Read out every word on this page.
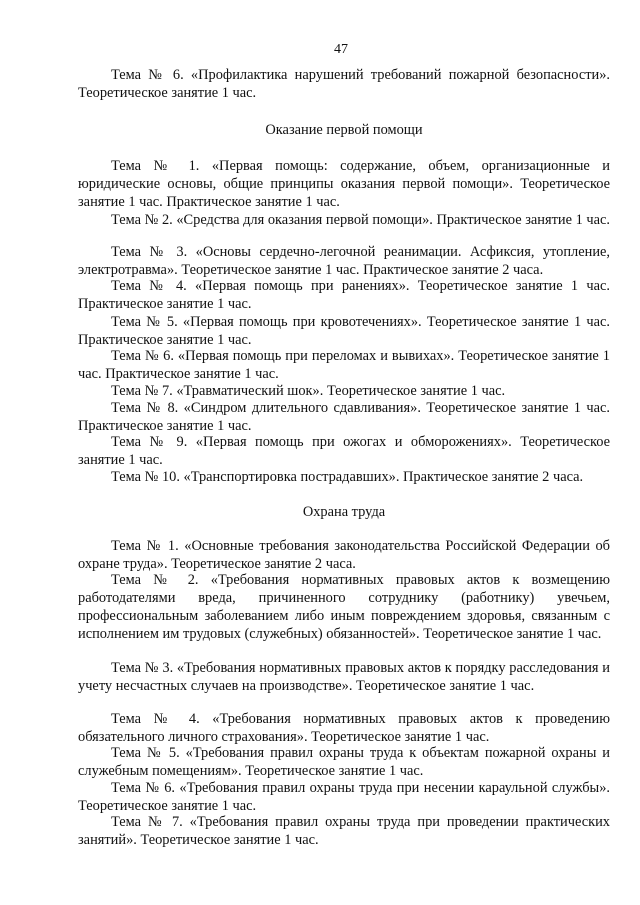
47

Тема № 6. «Профилактика нарушений требований пожарной безопасности». Теоретическое занятие 1 час.

Оказание первой помощи

Тема № 1. «Первая помощь: содержание, объем, организационные и юридические основы, общие принципы оказания первой помощи». Теоретическое занятие 1 час. Практическое занятие 1 час.

Тема № 2. «Средства для оказания первой помощи». Практическое занятие 1 час.

Тема № 3. «Основы сердечно-легочной реанимации. Асфиксия, утопление, электротравма». Теоретическое занятие 1 час. Практическое занятие 2 часа.

Тема № 4. «Первая помощь при ранениях». Теоретическое занятие 1 час. Практическое занятие 1 час.

Тема № 5. «Первая помощь при кровотечениях». Теоретическое занятие 1 час. Практическое занятие 1 час.

Тема № 6. «Первая помощь при переломах и вывихах». Теоретическое занятие 1 час. Практическое занятие 1 час.

Тема № 7. «Травматический шок». Теоретическое занятие 1 час.

Тема № 8. «Синдром длительного сдавливания». Теоретическое занятие 1 час. Практическое занятие 1 час.

Тема № 9. «Первая помощь при ожогах и обморожениях». Теоретическое занятие 1 час.

Тема № 10. «Транспортировка пострадавших». Практическое занятие 2 часа.

Охрана труда

Тема № 1. «Основные требования законодательства Российской Федерации об охране труда». Теоретическое занятие 2 часа.

Тема № 2. «Требования нормативных правовых актов к возмещению работодателями вреда, причиненного сотруднику (работнику) увечьем, профессиональным заболеванием либо иным повреждением здоровья, связанным с исполнением им трудовых (служебных) обязанностей». Теоретическое занятие 1 час.

Тема № 3. «Требования нормативных правовых актов к порядку расследования и учету несчастных случаев на производстве». Теоретическое занятие 1 час.

Тема № 4. «Требования нормативных правовых актов к проведению обязательного личного страхования». Теоретическое занятие 1 час.

Тема № 5. «Требования правил охраны труда к объектам пожарной охраны и служебным помещениям». Теоретическое занятие 1 час.

Тема № 6. «Требования правил охраны труда при несении караульной службы». Теоретическое занятие 1 час.

Тема № 7. «Требования правил охраны труда при проведении практических занятий». Теоретическое занятие 1 час.
